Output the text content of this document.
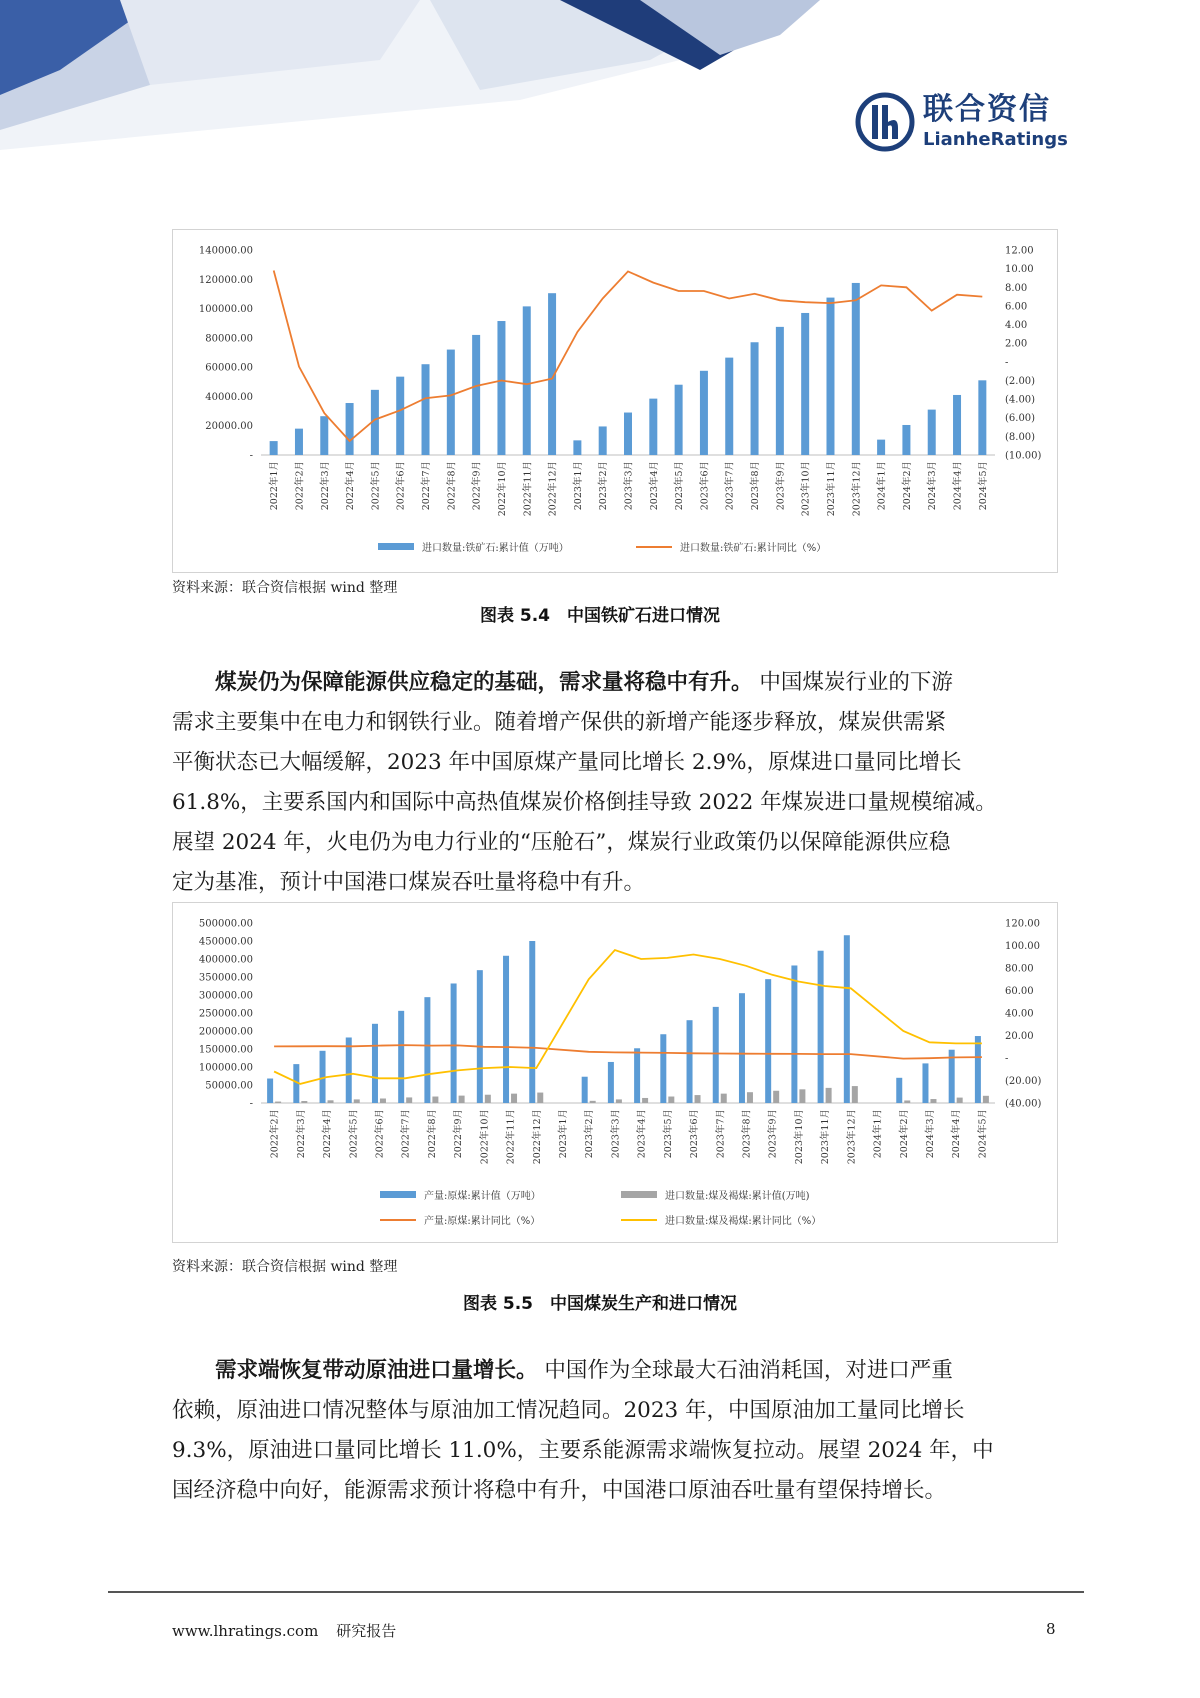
联合资信
LianheRatings
140000.00
120000.00
100000.00
80000.00
60000.00
40000.00
20000.00
-
12.00
10.00
8.00
6.00
4.00
2.00
-
(2.00)
(4.00)
(6.00)
(8.00)
(10.00)
2022年1月 2022年2月 2022年3月 2022年4月 2022年5月 2022年6月 2022年7月 2022年8月 2022年9月 2022年10月 2022年11月 2022年12月 2023年1月 2023年2月 2023年3月 2023年4月 2023年5月 2023年6月 2023年7月 2023年8月 2023年9月 2023年10月 2023年11月 2023年12月 2024年1月 2024年2月 2024年3月 2024年4月 2024年5月
进口数量:铁矿石:累计值（万吨）	进口数量:铁矿石:累计同比（%）
资料来源：联合资信根据 wind 整理
图表 5.4　中国铁矿石进口情况
煤炭仍为保障能源供应稳定的基础，需求量将稳中有升。 中国煤炭行业的下游
需求主要集中在电力和钢铁行业。随着增产保供的新增产能逐步释放，煤炭供需紧
平衡状态已大幅缓解，2023 年中国原煤产量同比增长 2.9%，原煤进口量同比增长
61.8%，主要系国内和国际中高热值煤炭价格倒挂导致 2022 年煤炭进口量规模缩减。
展望 2024 年，火电仍为电力行业的“压舱石”，煤炭行业政策仍以保障能源供应稳
定为基准，预计中国港口煤炭吞吐量将稳中有升。
500000.00
450000.00
400000.00
350000.00
300000.00
250000.00
200000.00
150000.00
100000.00
50000.00
-
120.00
100.00
80.00
60.00
40.00
20.00
-
(20.00)
(40.00)
2022年2月 2022年3月 2022年4月 2022年5月 2022年6月 2022年7月 2022年8月 2022年9月 2022年10月 2022年11月 2022年12月 2023年1月 2023年2月 2023年3月 2023年4月 2023年5月 2023年6月 2023年7月 2023年8月 2023年9月 2023年10月 2023年11月 2023年12月 2024年1月 2024年2月 2024年3月 2024年4月 2024年5月
产量:原煤:累计值（万吨）	进口数量:煤及褐煤:累计值(万吨)
产量:原煤:累计同比（%）	进口数量:煤及褐煤:累计同比（%）
资料来源：联合资信根据 wind 整理
图表 5.5　中国煤炭生产和进口情况
需求端恢复带动原油进口量增长。 中国作为全球最大石油消耗国，对进口严重
依赖，原油进口情况整体与原油加工情况趋同。2023 年，中国原油加工量同比增长
9.3%，原油进口量同比增长 11.0%，主要系能源需求端恢复拉动。展望 2024 年，中
国经济稳中向好，能源需求预计将稳中有升，中国港口原油吞吐量有望保持增长。
www.lhratings.com 研究报告	8
